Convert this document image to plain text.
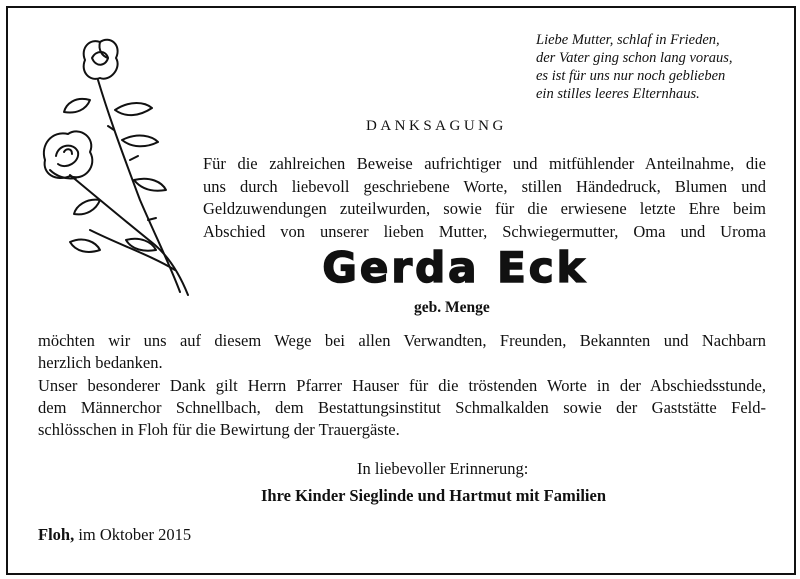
Liebe Mutter, schlaf in Frieden,
der Vater ging schon lang voraus,
es ist für uns nur noch geblieben
ein stilles leeres Elternhaus.
DANKSAGUNG
Für die zahlreichen Beweise aufrichtiger und mitfühlender Anteilnahme, die
uns durch liebevoll geschriebene Worte, stillen Händedruck, Blumen und
Geldzuwendungen zuteilwurden, sowie für die erwiesene letzte Ehre beim
Abschied von unserer lieben Mutter, Schwiegermutter, Oma und Uroma
Gerda Eck
geb. Menge

möchten wir uns auf diesem Wege bei allen Verwandten, Freunden, Bekannten und Nachbarn
herzlich bedanken.

Unser besonderer Dank gilt Herrn Pfarrer Hauser für die tröstenden Worte in der Abschiedsstunde,
dem Männerchor Schnellbach, dem Bestattungsinstitut Schmalkalden sowie der Gaststätte Feld-
schlösschen in Floh für die Bewirtung der Trauergäste.

In liebevoller Erinnerung:
Ihre Kinder Sieglinde und Hartmut mit Familien
Floh, im Oktober 2015
